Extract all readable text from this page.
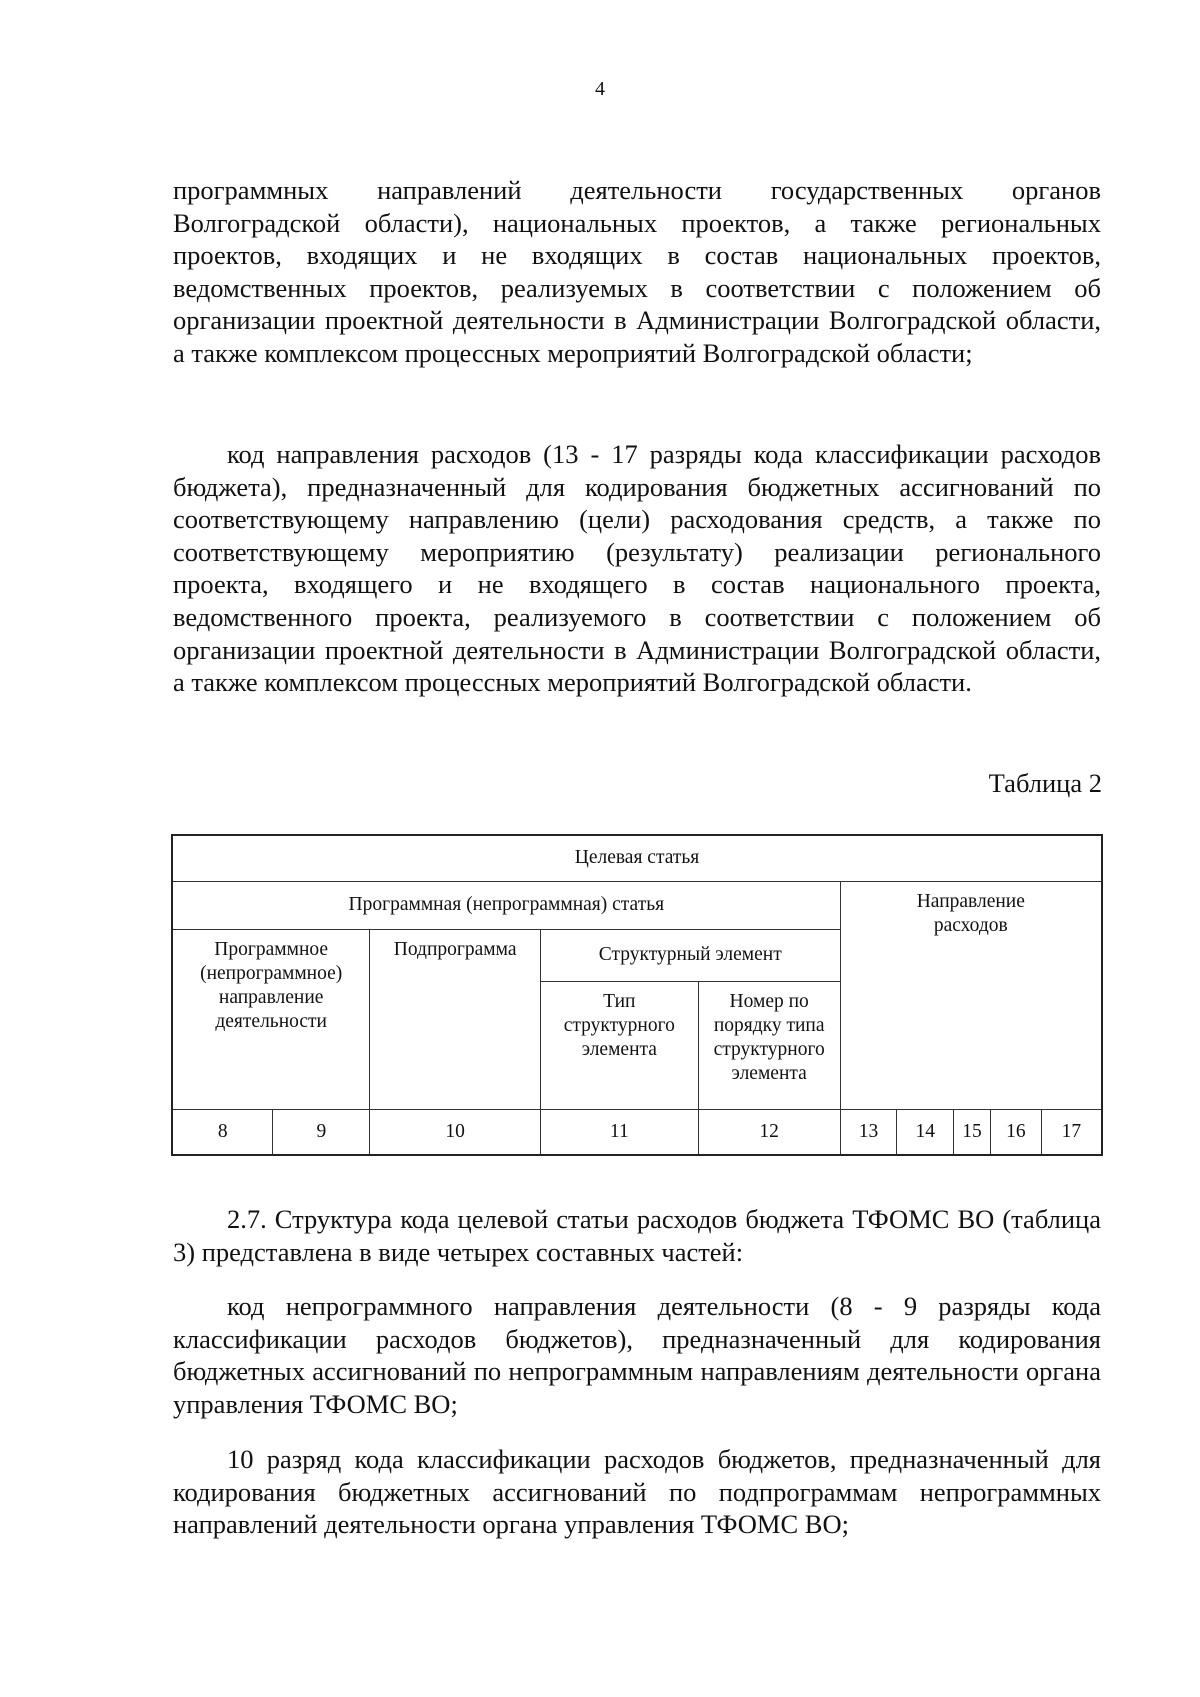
4

программных направлений деятельности государственных органов Волгоградской области), национальных проектов, а также региональных проектов, входящих и не входящих в состав национальных проектов, ведомственных проектов, реализуемых в соответствии с положением об организации проектной деятельности в Администрации Волгоградской области, а также комплексом процессных мероприятий Волгоградской области;

код направления расходов (13 - 17 разряды кода классификации расходов бюджета), предназначенный для кодирования бюджетных ассигнований по соответствующему направлению (цели) расходования средств, а также по соответствующему мероприятию (результату) реализации регионального проекта, входящего и не входящего в состав национального проекта, ведомственного проекта, реализуемого в соответствии с положением об организации проектной деятельности в Администрации Волгоградской области, а также комплексом процессных мероприятий Волгоградской области.

Таблица 2
Целевая статья									
Программная (непрограммная) статья					Направление расходов				

Программное (непрограммное) направление деятельности		Подпрограмма	Структурный элемент						

			Тип структурного элемента	Номер по порядку типа структурного элемента					

8	9	10	11	12	13	14	15	16	17

2.7. Структура кода целевой статьи расходов бюджета ТФОМС ВО (таблица 3) представлена в виде четырех составных частей:

код непрограммного направления деятельности (8 - 9 разряды кода классификации расходов бюджетов), предназначенный для кодирования бюджетных ассигнований по непрограммным направлениям деятельности органа управления ТФОМС ВО;

10 разряд кода классификации расходов бюджетов, предназначенный для кодирования бюджетных ассигнований по подпрограммам непрограммных направлений деятельности органа управления ТФОМС ВО;
